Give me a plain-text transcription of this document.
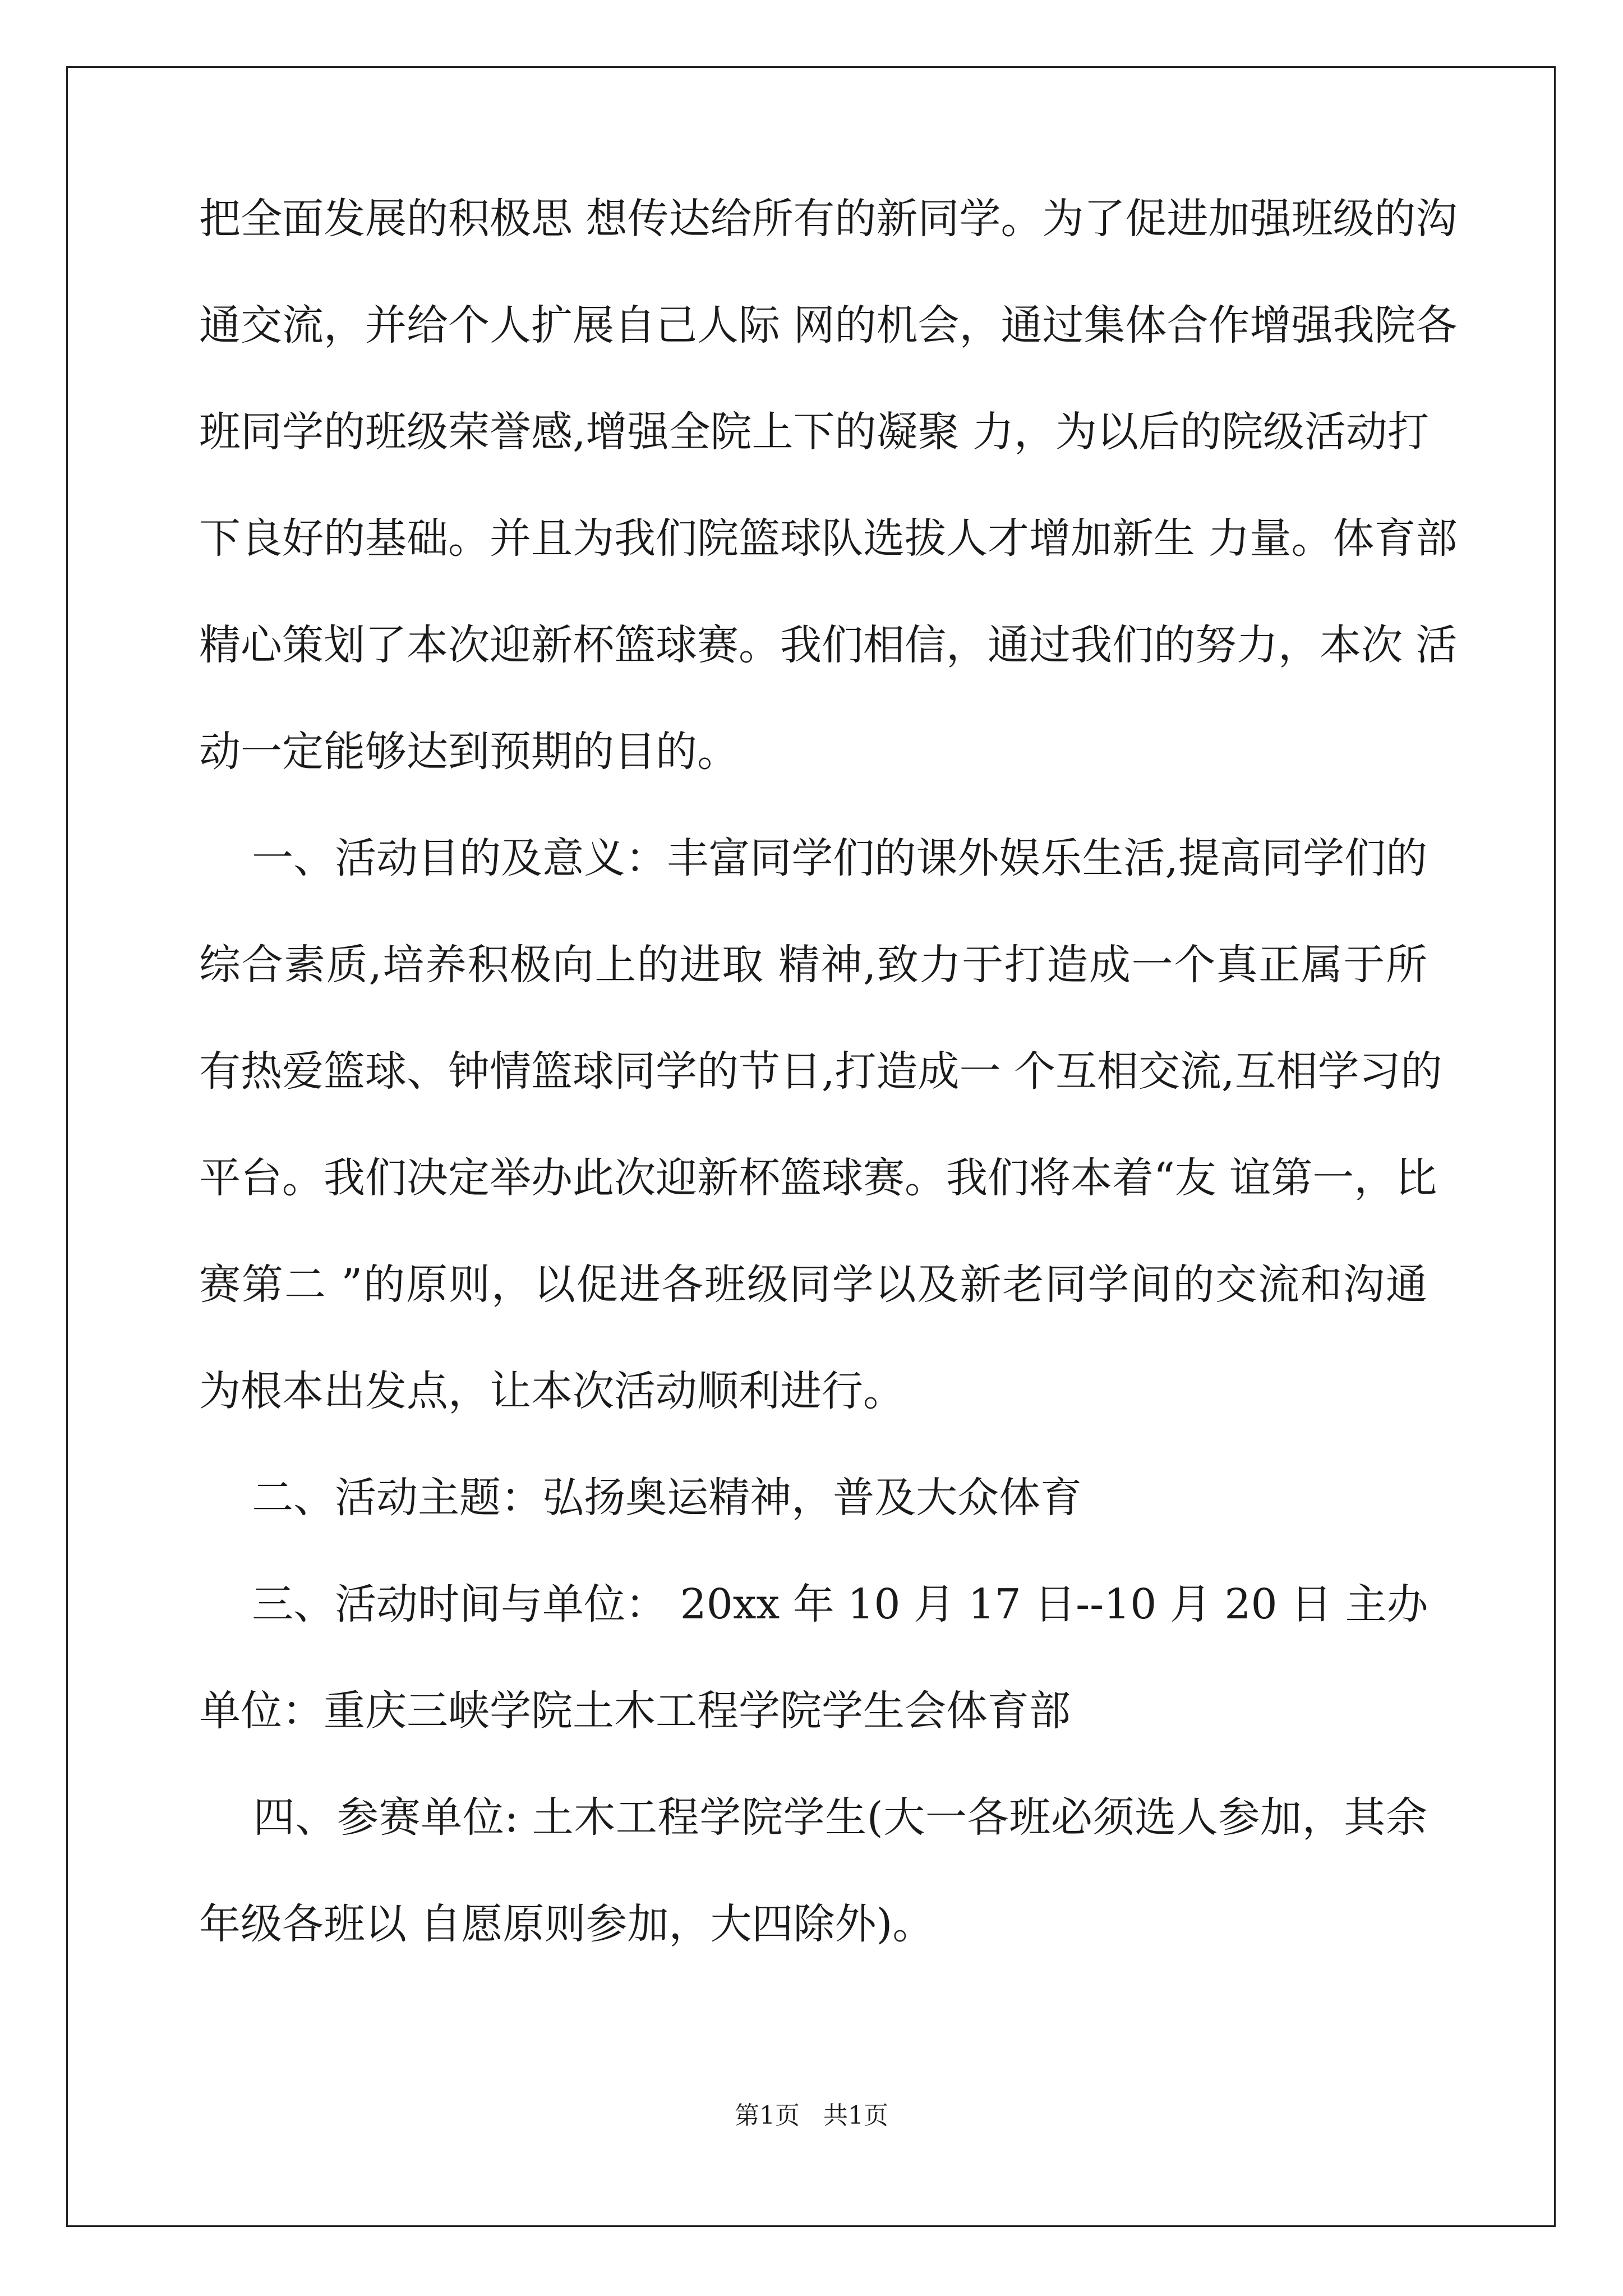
把全面发展的积极思 想传达给所有的新同学。为了促进加强班级的沟
通交流，并给个人扩展自己人际 网的机会，通过集体合作增强我院各
班同学的班级荣誉感,增强全院上下的凝聚 力，为以后的院级活动打
下良好的基础。并且为我们院篮球队选拔人才增加新生 力量。体育部
精心策划了本次迎新杯篮球赛。我们相信，通过我们的努力，本次 活
动一定能够达到预期的目的。
一、活动目的及意义：丰富同学们的课外娱乐生活,提高同学们的
综合素质,培养积极向上的进取 精神,致力于打造成一个真正属于所
有热爱篮球、钟情篮球同学的节日,打造成一 个互相交流,互相学习的
平台。我们决定举办此次迎新杯篮球赛。我们将本着“友 谊第一，比
赛第二 ”的原则，以促进各班级同学以及新老同学间的交流和沟通
为根本出发点，让本次活动顺利进行。
二、活动主题：弘扬奥运精神，普及大众体育
三、活动时间与单位： 20xx 年 10 月 17 日--10 月 20 日 主办
单位：重庆三峡学院土木工程学院学生会体育部
四、参赛单位: 土木工程学院学生(大一各班必须选人参加，其余
年级各班以 自愿原则参加，大四除外)。
第1页   共1页
